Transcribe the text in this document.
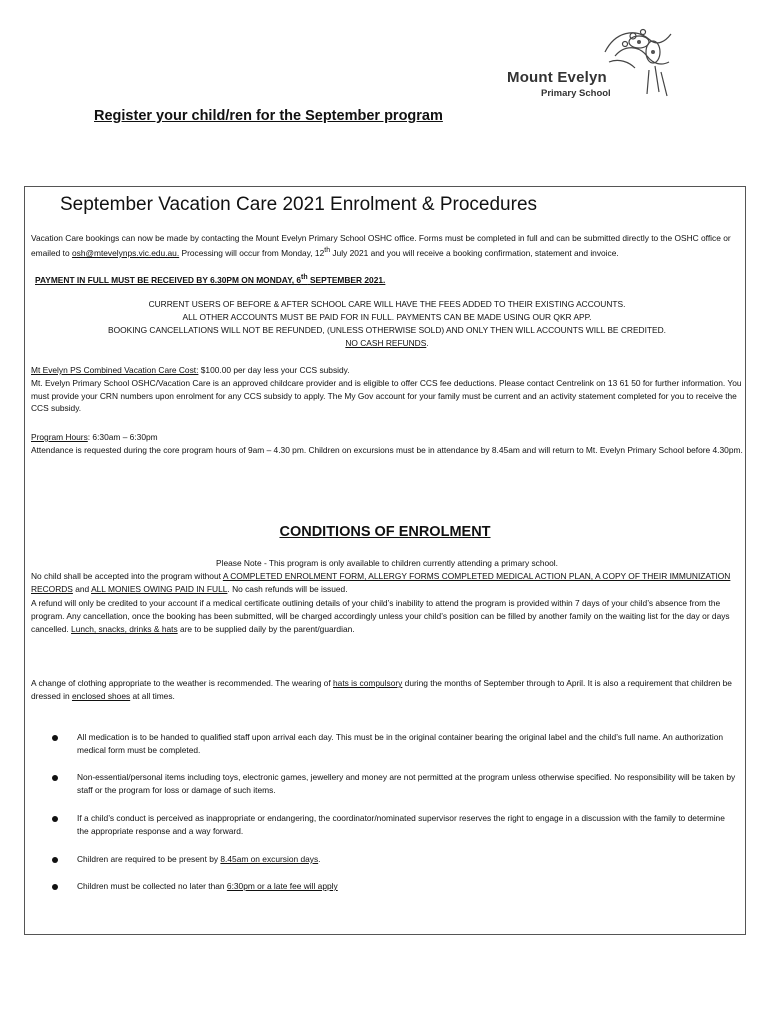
Mount Evelyn
Primary School
Register your child/ren for the September program
September Vacation Care 2021 Enrolment & Procedures

Vacation Care bookings can now be made by contacting the Mount Evelyn Primary School OSHC office. Forms must be completed in full and can be submitted directly to the OSHC office or emailed to osh@mtevelynps.vic.edu.au. Processing will occur from Monday, 12th July 2021 and you will receive a booking confirmation, statement and invoice.

PAYMENT IN FULL MUST BE RECEIVED BY 6.30PM ON MONDAY, 6th SEPTEMBER 2021.

CURRENT USERS OF BEFORE & AFTER SCHOOL CARE WILL HAVE THE FEES ADDED TO THEIR EXISTING ACCOUNTS.

ALL OTHER ACCOUNTS MUST BE PAID FOR IN FULL. PAYMENTS CAN BE MADE USING OUR QKR APP.

BOOKING CANCELLATIONS WILL NOT BE REFUNDED, (UNLESS OTHERWISE SOLD) AND ONLY THEN WILL ACCOUNTS WILL BE CREDITED.

NO CASH REFUNDS.

Mt Evelyn PS Combined Vacation Care Cost: $100.00 per day less your CCS subsidy.
Mt. Evelyn Primary School OSHC/Vacation Care is an approved childcare provider and is eligible to offer CCS fee deductions. Please contact Centrelink on 13 61 50 for further information. You must provide your CRN numbers upon enrolment for any CCS subsidy to apply. The My Gov account for your family must be current and an activity statement completed for you to receive the CCS subsidy.

Program Hours: 6:30am – 6:30pm
Attendance is requested during the core program hours of 9am – 4.30 pm. Children on excursions must be in attendance by 8.45am and will return to Mt. Evelyn Primary School before 4.30pm.

CONDITIONS OF ENROLMENT

Please Note - This program is only available to children currently attending a primary school.

No child shall be accepted into the program without A COMPLETED ENROLMENT FORM, ALLERGY FORMS COMPLETED MEDICAL ACTION PLAN, A COPY OF THEIR IMMUNIZATION RECORDS and ALL MONIES OWING PAID IN FULL. No cash refunds will be issued.

A refund will only be credited to your account if a medical certificate outlining details of your child’s inability to attend the program is provided within 7 days of your child’s absence from the program. Any cancellation, once the booking has been submitted, will be charged accordingly unless your child’s position can be filled by another family on the waiting list for the day or days cancelled. Lunch, snacks, drinks & hats are to be supplied daily by the parent/guardian.

A change of clothing appropriate to the weather is recommended. The wearing of hats is compulsory during the months of September through to April. It is also a requirement that children be dressed in enclosed shoes at all times.

All medication is to be handed to qualified staff upon arrival each day. This must be in the original container bearing the original label and the child’s full name. An authorization medical form must be completed.

Non-essential/personal items including toys, electronic games, jewellery and money are not permitted at the program unless otherwise specified. No responsibility will be taken by staff or the program for loss or damage of such items.

If a child’s conduct is perceived as inappropriate or endangering, the coordinator/nominated supervisor reserves the right to engage in a discussion with the family to determine the appropriate response and a way forward.

Children are required to be present by 8.45am on excursion days.

Children must be collected no later than 6:30pm or a late fee will apply
